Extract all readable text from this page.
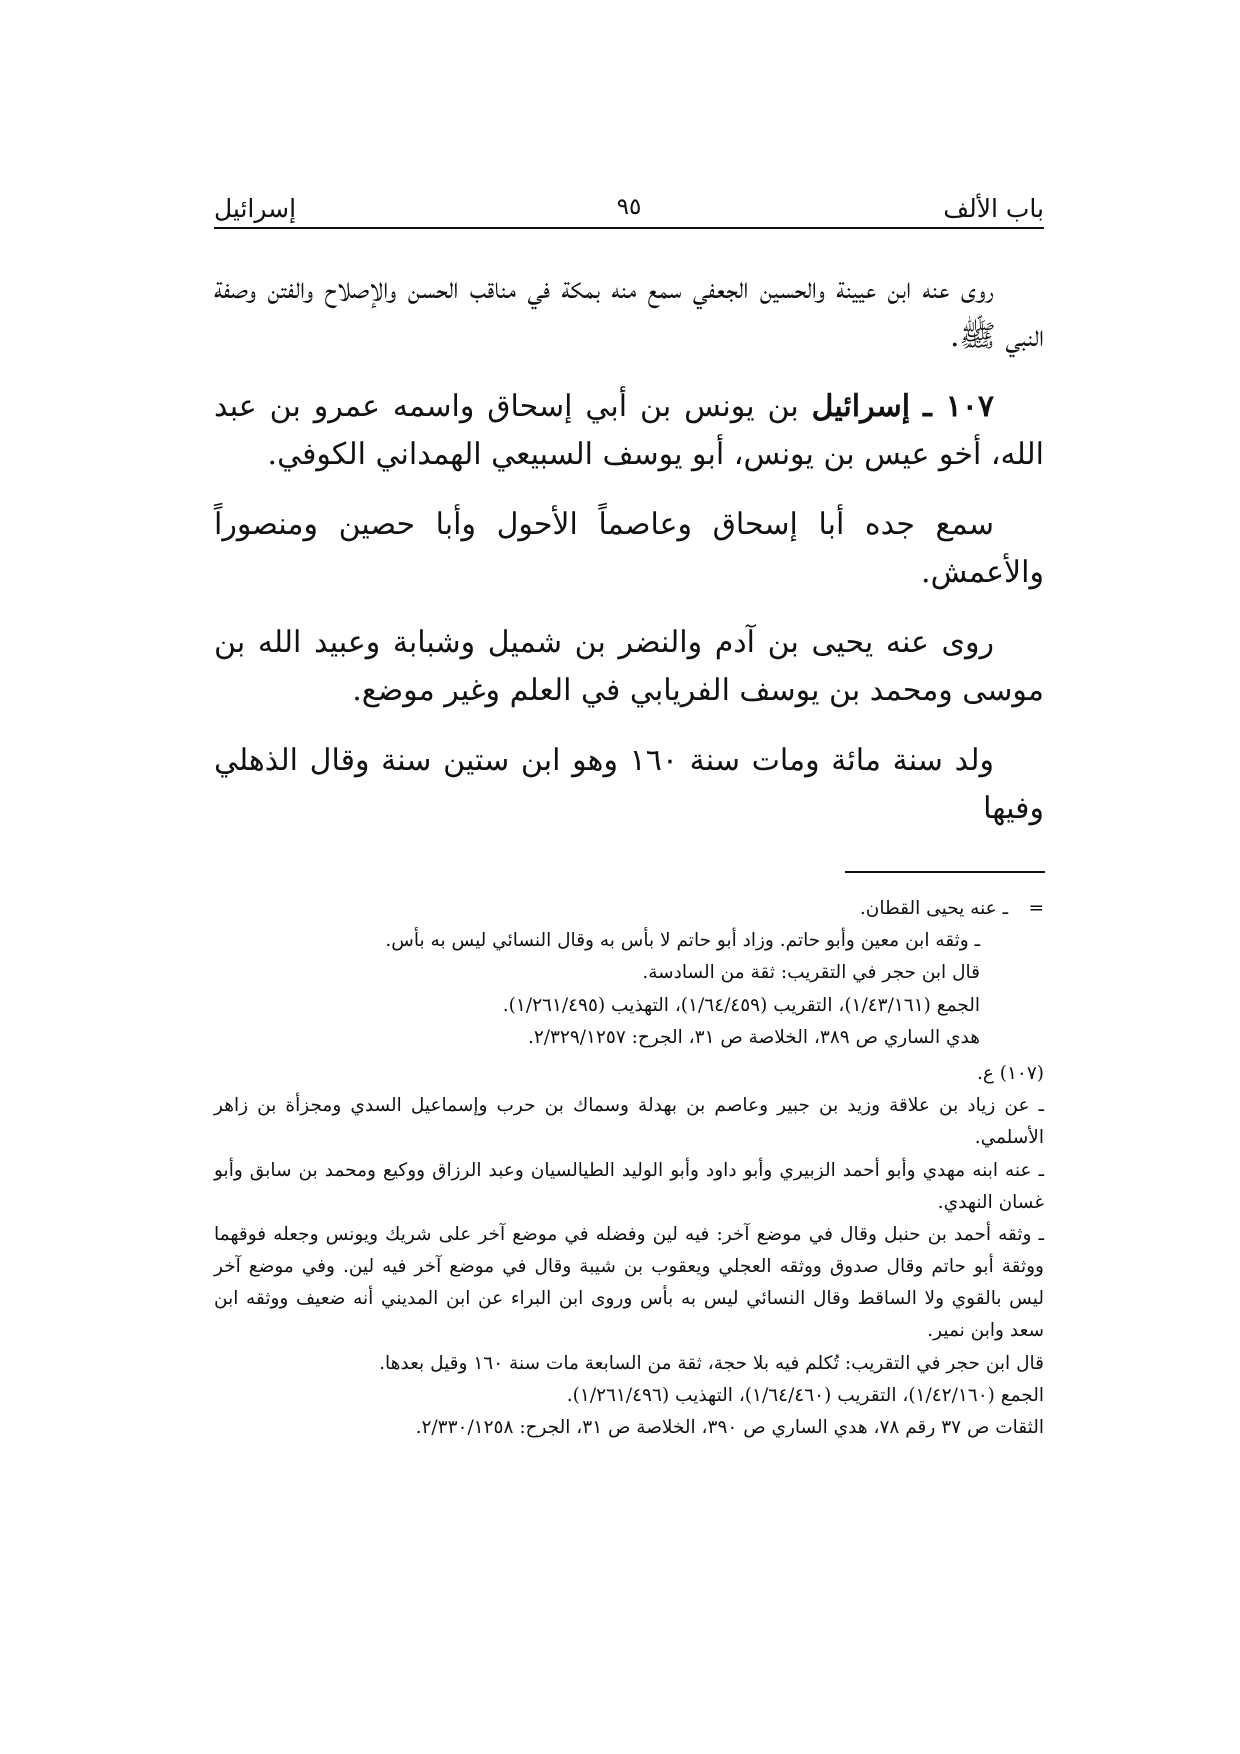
باب الألف
٩٥
إسرائيل

روى عنه ابن عيينة والحسين الجعفي سمع منه بمكة في مناقب الحسن والإصلاح والفتن وصفة النبي ﷺ.

١٠٧ ـ إسرائيل بن يونس بن أبي إسحاق واسمه عمرو بن عبد الله، أخو عيس بن يونس، أبو يوسف السبيعي الهمداني الكوفي.

سمع جده أبا إسحاق وعاصماً الأحول وأبا حصين ومنصوراً والأعمش.

روى عنه يحيى بن آدم والنضر بن شميل وشبابة وعبيد الله بن موسى ومحمد بن يوسف الفريابي في العلم وغير موضع.

ولد سنة مائة ومات سنة ١٦٠ وهو ابن ستين سنة وقال الذهلي وفيها

=

ـ عنه يحيى القطان.

ـ وثقه ابن معين وأبو حاتم. وزاد أبو حاتم لا بأس به وقال النسائي ليس به بأس.

قال ابن حجر في التقريب: ثقة من السادسة.

الجمع (١/٤٣/١٦١)، التقريب (١/٦٤/٤٥٩)، التهذيب (١/٢٦١/٤٩٥).

هدي الساري ص ٣٨٩، الخلاصة ص ٣١، الجرح: ٢/٣٢٩/١٢٥٧.

(١٠٧) ع.

ـ عن زياد بن علاقة وزيد بن جبير وعاصم بن بهدلة وسماك بن حرب وإسماعيل السدي ومجزأة بن زاهر الأسلمي.

ـ عنه ابنه مهدي وأبو أحمد الزبيري وأبو داود وأبو الوليد الطيالسيان وعبد الرزاق ووكيع ومحمد بن سابق وأبو غسان النهدي.

ـ وثقه أحمد بن حنبل وقال في موضع آخر: فيه لين وفضله في موضع آخر على شريك ويونس وجعله فوقهما ووثقة أبو حاتم وقال صدوق ووثقه العجلي ويعقوب بن شيبة وقال في موضع آخر فيه لين. وفي موضع آخر ليس بالقوي ولا الساقط وقال النسائي ليس به بأس وروى ابن البراء عن ابن المديني أنه ضعيف ووثقه ابن سعد وابن نمير.

قال ابن حجر في التقريب: تُكلم فيه بلا حجة، ثقة من السابعة مات سنة ١٦٠ وقيل بعدها.

الجمع (١/٤٢/١٦٠)، التقريب (١/٦٤/٤٦٠)، التهذيب (١/٢٦١/٤٩٦).

الثقات ص ٣٧ رقم ٧٨، هدي الساري ص ٣٩٠، الخلاصة ص ٣١، الجرح: ٢/٣٣٠/١٢٥٨.
